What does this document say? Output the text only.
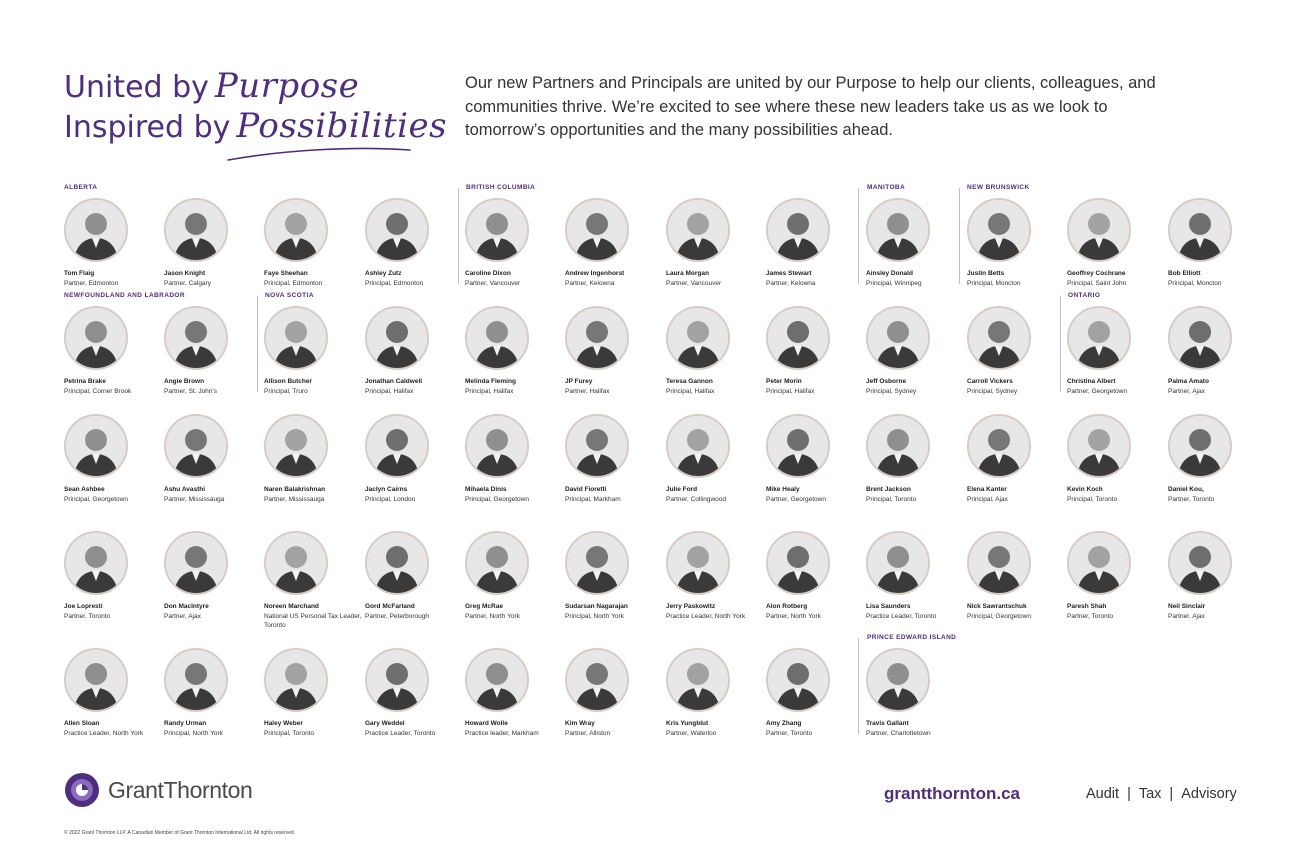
United by Purpose
Inspired by Possibilities

Our new Partners and Principals are united by our Purpose to help our clients, colleagues, and communities thrive. We’re excited to see where these new leaders take us as we look to tomorrow’s opportunities and the many possibilities ahead.

ALBERTA	BRITISH COLUMBIA	MANITOBA	NEW BRUNSWICK
NEWFOUNDLAND AND LABRADOR	NOVA SCOTIA	ONTARIO
PRINCE EDWARD ISLAND
Tom Flaig
Partner, Edmonton
Jason Knight
Partner, Calgary
Faye Sheehan
Principal, Edmonton
Ashley Zutz
Principal, Edmonton
Caroline Dixon
Partner, Vancouver
Andrew Ingenhorst
Partner, Kelowna
Laura Morgan
Partner, Vancouver
James Stewart
Partner, Kelowna
Ainsley Donald
Principal, Winnipeg
Justin Betts
Principal, Moncton
Geoffrey Cochrane
Principal, Saint John
Bob Elliott
Principal, Moncton
Petrina Brake
Principal, Corner Brook
Angie Brown
Partner, St. John's
Allison Butcher
Principal, Truro
Jonathan Caldwell
Principal, Halifax
Melinda Fleming
Principal, Halifax
JP Furey
Partner, Halifax
Teresa Gannon
Principal, Halifax
Peter Morin
Principal, Halifax
Jeff Osborne
Principal, Sydney
Carroll Vickers
Principal, Sydney
Christina Albert
Partner, Georgetown
Palma Amato
Partner, Ajax
Sean Ashbee
Principal, Georgetown
Ashu Avasthi
Partner, Mississauga
Naren Balakrishnan
Partner, Mississauga
Jaclyn Cairns
Principal, London
Mihaela Dinis
Principal, Georgetown
David Fioretti
Principal, Markham
Julie Ford
Partner, Collingwood
Mike Healy
Partner, Georgetown
Brent Jackson
Principal, Toronto
Elena Kanter
Principal, Ajax
Kevin Koch
Principal, Toronto
Daniel Kou,
Partner, Toronto
Joe Lopresti
Partner, Toronto
Don MacIntyre
Partner, Ajax
Noreen Marchand
National US Personal Tax Leader, Toronto
Gord McFarland
Partner, Peterborough
Greg McRae
Partner, North York
Sudarsan Nagarajan
Principal, North York
Jerry Paskowitz
Practice Leader, North York
Alon Rotberg
Partner, North York
Lisa Saunders
Practice Leader, Toronto
Nick Sawrantschuk
Principal, Georgetown
Paresh Shah
Partner, Toronto
Neil Sinclair
Partner, Ajax
Allen Sloan
Practice Leader, North York
Randy Urman
Principal, North York
Haley Weber
Principal, Toronto
Gary Weddel
Practice Leader, Toronto
Howard Wolle
Practice leader, Markham
Kim Wray
Partner, Alliston
Kris Yungblut
Partner, Waterloo
Amy Zhang
Partner, Toronto
Travis Gallant
Partner, Charlottetown
GrantThornton	grantthornton.ca	Audit | Tax | Advisory
© 2022 Grant Thornton LLP. A Canadian Member of Grant Thornton International Ltd. All rights reserved.
